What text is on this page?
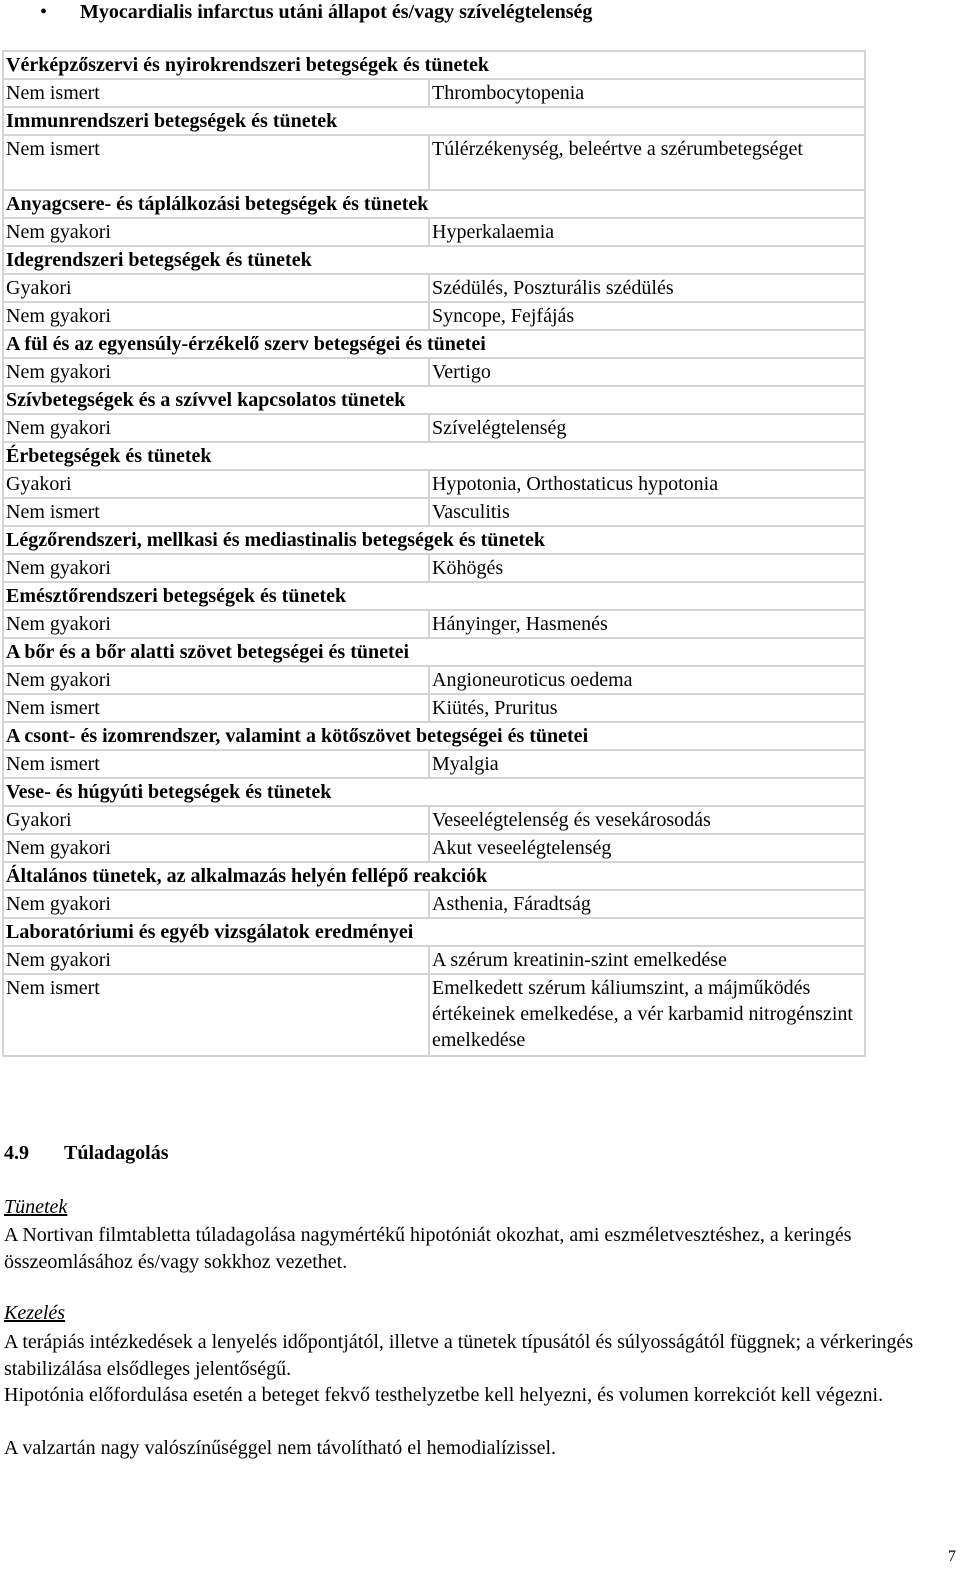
• Myocardialis infarctus utáni állapot és/vagy szívelégtelenség
Vérképzőszervi és nyirokrendszeri betegségek és tünetek	
Nem ismert	Thrombocytopenia
Immunrendszeri betegségek és tünetek	
Nem ismert	Túlérzékenység, beleértve a szérumbetegséget
Anyagcsere- és táplálkozási betegségek és tünetek	
Nem gyakori	Hyperkalaemia
Idegrendszeri betegségek és tünetek	
Gyakori	Szédülés, Poszturális szédülés
Nem gyakori	Syncope, Fejfájás
A fül és az egyensúly-érzékelő szerv betegségei és tünetei	
Nem gyakori	Vertigo
Szívbetegségek és a szívvel kapcsolatos tünetek	
Nem gyakori	Szívelégtelenség
Érbetegségek és tünetek	
Gyakori	Hypotonia, Orthostaticus hypotonia
Nem ismert	Vasculitis
Légzőrendszeri, mellkasi és mediastinalis betegségek és tünetek	
Nem gyakori	Köhögés
Emésztőrendszeri betegségek és tünetek	
Nem gyakori	Hányinger, Hasmenés
A bőr és a bőr alatti szövet betegségei és tünetei	
Nem gyakori	Angioneuroticus oedema
Nem ismert	Kiütés, Pruritus
A csont- és izomrendszer, valamint a kötőszövet betegségei és tünetei	
Nem ismert	Myalgia
Vese- és húgyúti betegségek és tünetek	
Gyakori	Veseelégtelenség és vesekárosodás
Nem gyakori	Akut veseelégtelenség
Általános tünetek, az alkalmazás helyén fellépő reakciók	
Nem gyakori	Asthenia, Fáradtság
Laboratóriumi és egyéb vizsgálatok eredményei	
Nem gyakori	A szérum kreatinin-szint emelkedése
Nem ismert	Emelkedett szérum káliumszint, a májműködés értékeinek emelkedése, a vér karbamid nitrogénszint emelkedése
4.9 Túladagolás
Tünetek
A Nortivan filmtabletta túladagolása nagymértékű hipotóniát okozhat, ami eszméletvesztéshez, a keringés összeomlásához és/vagy sokkhoz vezethet.
Kezelés
A terápiás intézkedések a lenyelés időpontjától, illetve a tünetek típusától és súlyosságától függnek; a vérkeringés stabilizálása elsődleges jelentőségű.
Hipotónia előfordulása esetén a beteget fekvő testhelyzetbe kell helyezni, és volumen korrekciót kell végezni.
A valzartán nagy valószínűséggel nem távolítható el hemodialízissel.
7
